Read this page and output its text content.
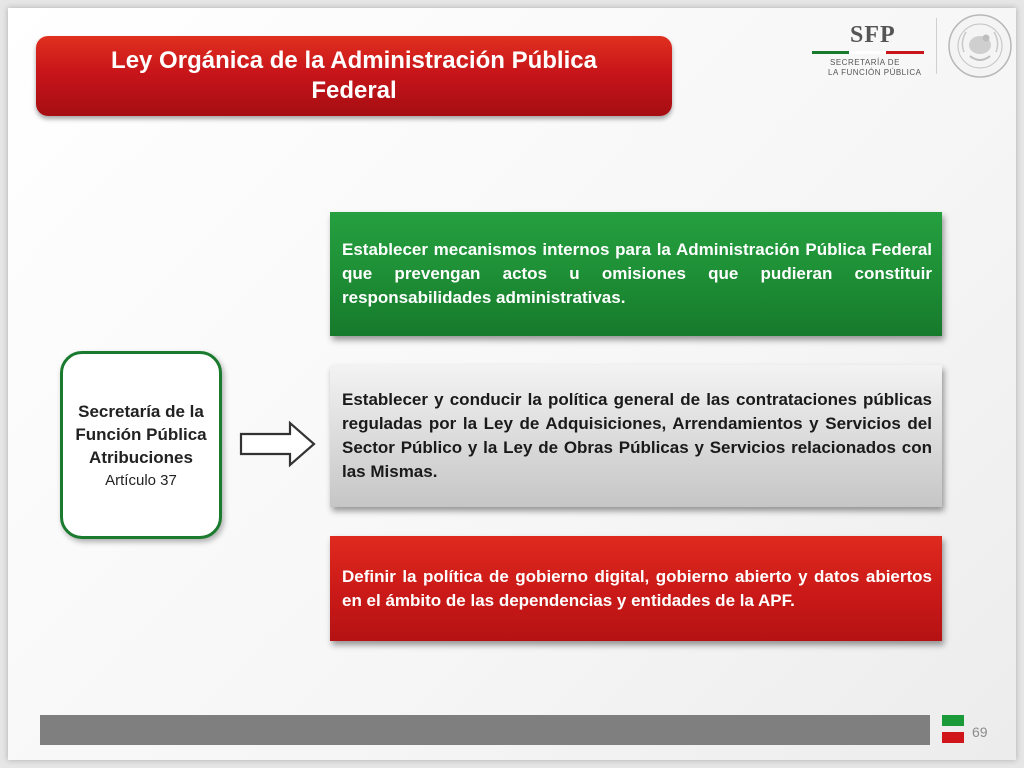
Ley Orgánica de la Administración Pública Federal
SFP
SECRETARÍA DE
LA FUNCIÓN PÚBLICA
Secretaría de la Función Pública Atribuciones
Artículo 37

Establecer mecanismos internos para la Administración Pública Federal que prevengan actos u omisiones que pudieran constituir responsabilidades administrativas.

Establecer y conducir la política general de las contrataciones públicas reguladas por la Ley de Adquisiciones, Arrendamientos y Servicios del Sector Público y la Ley de Obras Públicas y Servicios relacionados con las Mismas.

Definir la política de gobierno digital, gobierno abierto y datos abiertos en el ámbito de las dependencias y entidades de la APF.

69
